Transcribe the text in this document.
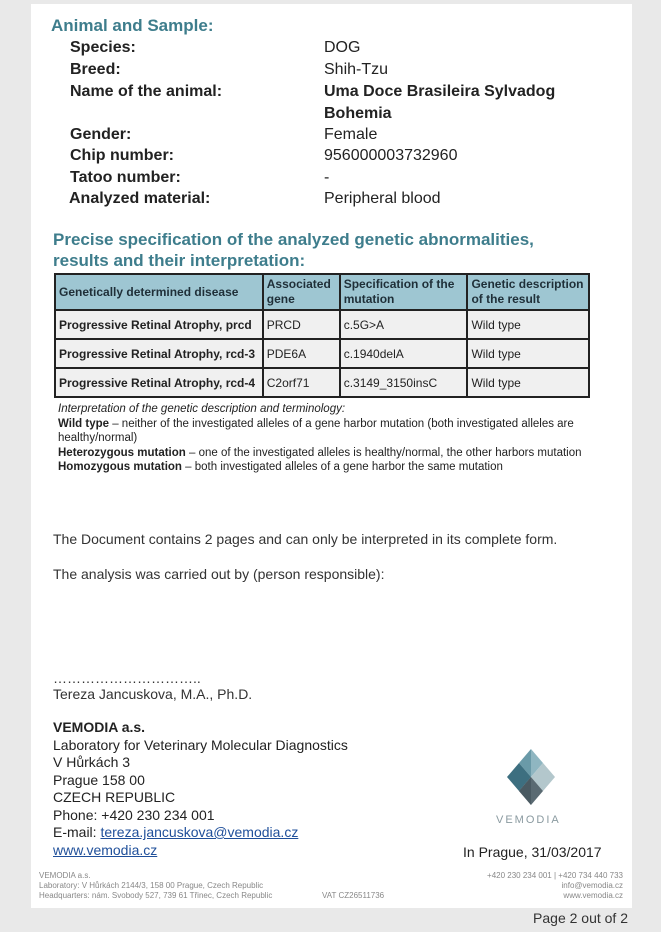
Animal and Sample:
Species:	DOG
Breed:	Shih-Tzu
Name of the animal:	Uma Doce Brasileira Sylvadog
Bohemia
Gender:	Female
Chip number:	956000003732960
Tatoo number:	-
Analyzed material:	Peripheral blood
Precise specification of the analyzed genetic abnormalities,
results and their interpretation:
Genetically determined disease	Associated gene	Specification of the mutation	Genetic description of the result
Progressive Retinal Atrophy, prcd	PRCD	c.5G>A	Wild type
Progressive Retinal Atrophy, rcd-3	PDE6A	c.1940delA	Wild type
Progressive Retinal Atrophy, rcd-4	C2orf71	c.3149_3150insC	Wild type
Interpretation of the genetic description and terminology:
Wild type – neither of the investigated alleles of a gene harbor mutation (both investigated alleles are healthy/normal)
Heterozygous mutation – one of the investigated alleles is healthy/normal, the other harbors mutation
Homozygous mutation – both investigated alleles of a gene harbor the same mutation
The Document contains 2 pages and can only be interpreted in its complete form.
The analysis was carried out by (person responsible):
…………………………..
Tereza Jancuskova, M.A., Ph.D.
VEMODIA a.s.
Laboratory for Veterinary Molecular Diagnostics
V Hůrkách 3
Prague 158 00
CZECH REPUBLIC
Phone: +420 230 234 001
E-mail: tereza.jancuskova@vemodia.cz
www.vemodia.cz
VEMODIA
In Prague, 31/03/2017
VEMODIA a.s.
Laboratory: V Hůrkách 2144/3, 158 00 Prague, Czech Republic
Headquarters: nám. Svobody 527, 739 61 Třinec, Czech Republic	VAT CZ26511736
+420 230 234 001 | +420 734 440 733
info@vemodia.cz
www.vemodia.cz
Page 2 out of 2
